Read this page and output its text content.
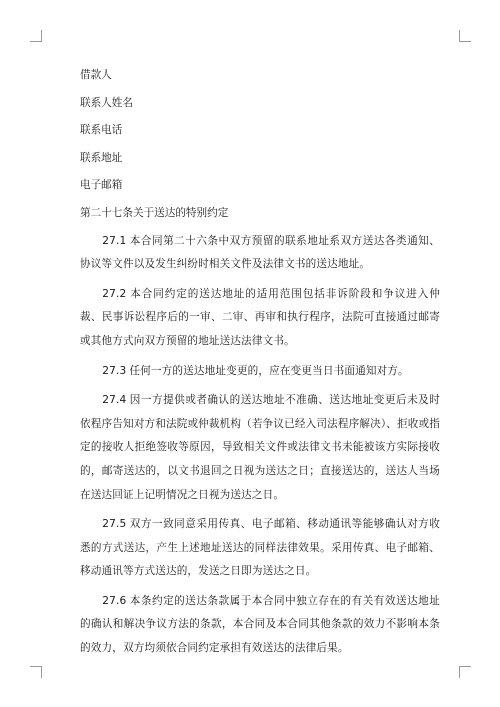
借款人
联系人姓名
联系电话
联系地址
电子邮箱
第二十七条关于送达的特别约定

27.1 本合同第二十六条中双方预留的联系地址系双方送达各类通知、协议等文件以及发生纠纷时相关文件及法律文书的送达地址。

27.2 本合同约定的送达地址的适用范围包括非诉阶段和争议进入仲裁、民事诉讼程序后的一审、二审、再审和执行程序，法院可直接通过邮寄或其他方式向双方预留的地址送达法律文书。

27.3 任何一方的送达地址变更的，应在变更当日书面通知对方。

27.4 因一方提供或者确认的送达地址不准确、送达地址变更后未及时依程序告知对方和法院或仲裁机构（若争议已经入司法程序解决）、拒收或指定的接收人拒绝签收等原因，导致相关文件或法律文书未能被该方实际接收的，邮寄送达的，以文书退回之日视为送达之日；直接送达的，送达人当场在送达回证上记明情况之日视为送达之日。

27.5 双方一致同意采用传真、电子邮箱、移动通讯等能够确认对方收悉的方式送达，产生上述地址送达的同样法律效果。采用传真、电子邮箱、移动通讯等方式送达的，发送之日即为送达之日。

27.6 本条约定的送达条款属于本合同中独立存在的有关有效送达地址的确认和解决争议方法的条款，本合同及本合同其他条款的效力不影响本条的效力，双方均须依合同约定承担有效送达的法律后果。
